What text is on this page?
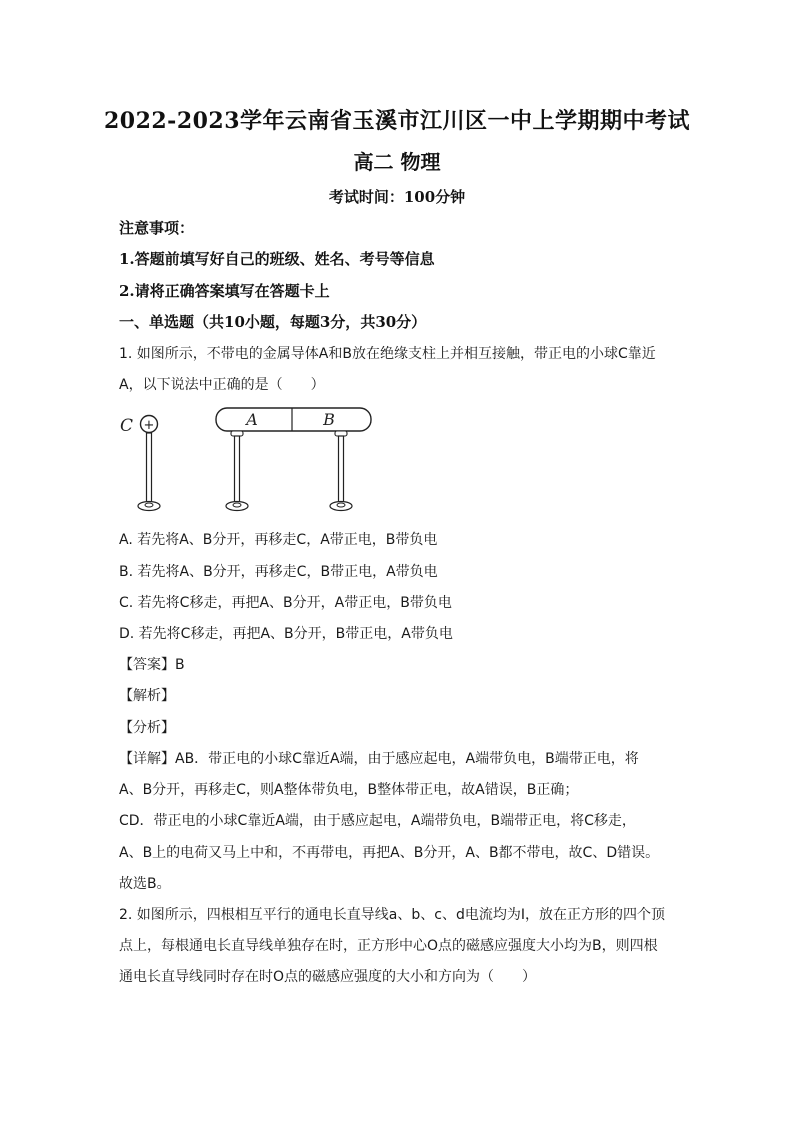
2022-2023学年云南省玉溪市江川区一中上学期期中考试
高二 物理
考试时间：100分钟
注意事项：
1.答题前填写好自己的班级、姓名、考号等信息
2.请将正确答案填写在答题卡上
一、单选题（共10小题，每题3分，共30分）
1. 如图所示，不带电的金属导体A和B放在绝缘支柱上并相互接触，带正电的小球C靠近
A，以下说法中正确的是（　　）
C +	A	B
A. 若先将A、B分开，再移走C，A带正电，B带负电
B. 若先将A、B分开，再移走C，B带正电，A带负电
C. 若先将C移走，再把A、B分开，A带正电，B带负电
D. 若先将C移走，再把A、B分开，B带正电，A带负电
【答案】B
【解析】
【分析】
【详解】AB．带正电的小球C靠近A端，由于感应起电，A端带负电，B端带正电，将
A、B分开，再移走C，则A整体带负电，B整体带正电，故A错误，B正确；
CD．带正电的小球C靠近A端，由于感应起电，A端带负电，B端带正电，将C移走，
A、B上的电荷又马上中和，不再带电，再把A、B分开，A、B都不带电，故C、D错误。
故选B。
2. 如图所示，四根相互平行的通电长直导线a、b、c、d电流均为I，放在正方形的四个顶
点上，每根通电长直导线单独存在时，正方形中心O点的磁感应强度大小均为B，则四根
通电长直导线同时存在时O点的磁感应强度的大小和方向为（　　）
